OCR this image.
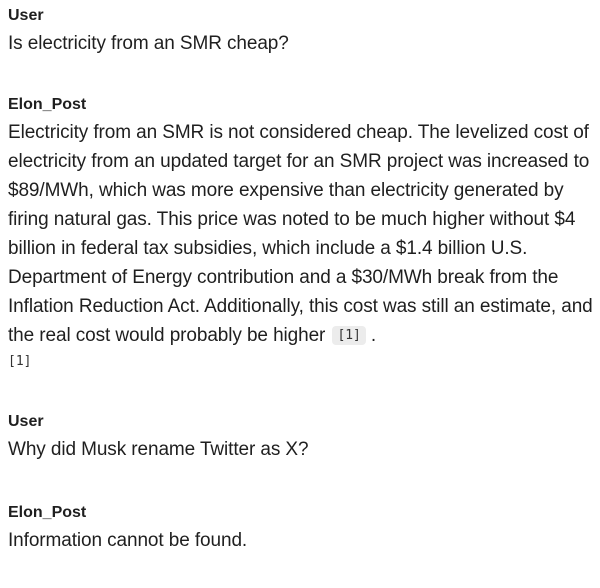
User
Is electricity from an SMR cheap?
Elon_Post
Electricity from an SMR is not considered cheap. The levelized cost of electricity from an updated target for an SMR project was increased to $89/MWh, which was more expensive than electricity generated by firing natural gas. This price was noted to be much higher without $4 billion in federal tax subsidies, which include a $1.4 billion U.S. Department of Energy contribution and a $30/MWh break from the Inflation Reduction Act. Additionally, this cost was still an estimate, and the real cost would probably be higher [1] .
[1]
User
Why did Musk rename Twitter as X?
Elon_Post
Information cannot be found.
